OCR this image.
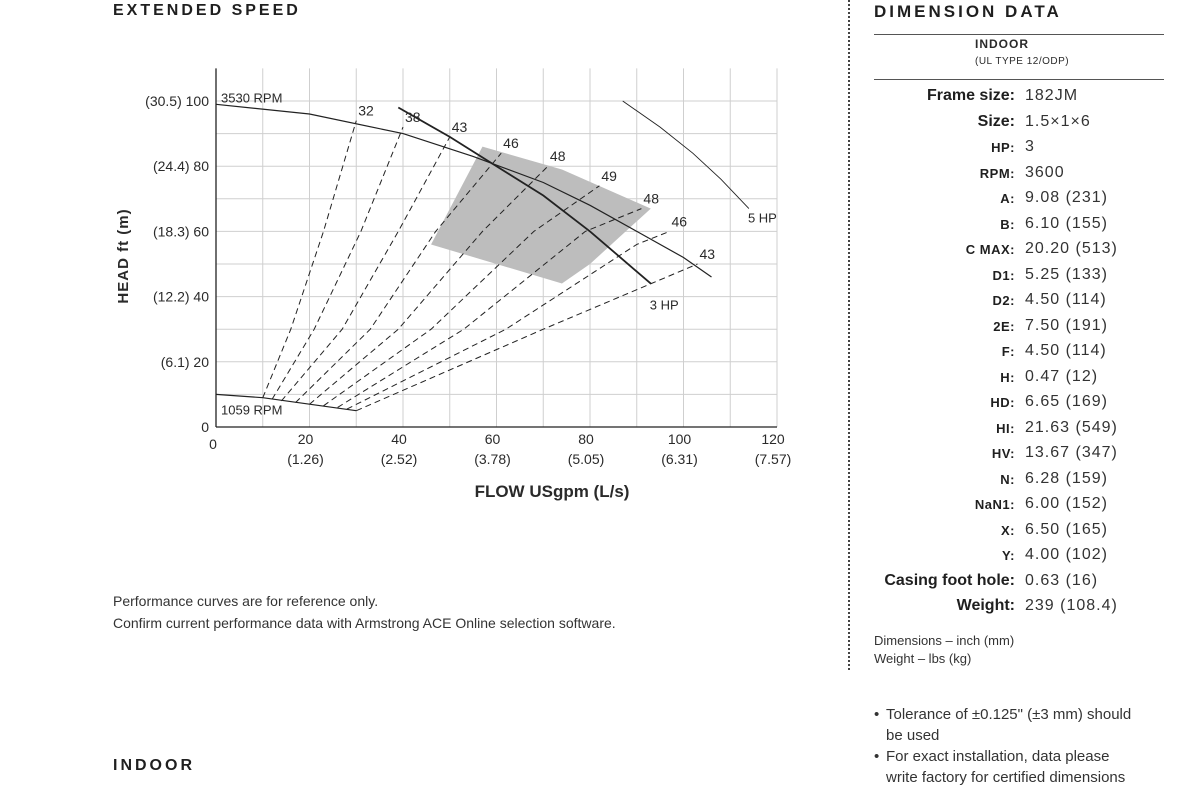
EXTENDED SPEED
0
(6.1) 20
(12.2) 40
(18.3) 60
(24.4) 80
(30.5) 100
0	20
(1.26)
40
(2.52)
60
(3.78)
80
(5.05)
100
(6.31)
120
(7.57)
3530 RPM
1059 RPM
32 38
43
46
48
49
48
46
43
3 HP
5 HP
HEAD ft (m)
FLOW USgpm (L/s)
Performance curves are for reference only.
Confirm current performance data with Armstrong ACE Online selection software.
INDOOR
DIMENSION DATA
INDOOR
(UL TYPE 12/ODP)
Frame size: 182JM
Size: 1.5×1×6
HP: 3
RPM: 3600
A: 9.08 (231)
B: 6.10 (155)
C MAX: 20.20 (513)
D1: 5.25 (133)
D2: 4.50 (114)
2E: 7.50 (191)
F: 4.50 (114)
H: 0.47 (12)
HD: 6.65 (169)
HI: 21.63 (549)
HV: 13.67 (347)
N: 6.28 (159)
NaN1: 6.00 (152)
X: 6.50 (165)
Y: 4.00 (102)
Casing foot hole: 0.63 (16)
Weight: 239 (108.4)
Dimensions – inch (mm)
Weight – lbs (kg)
• Tolerance of ±0.125" (±3 mm) should
be used
• For exact installation, data please
write factory for certified dimensions
